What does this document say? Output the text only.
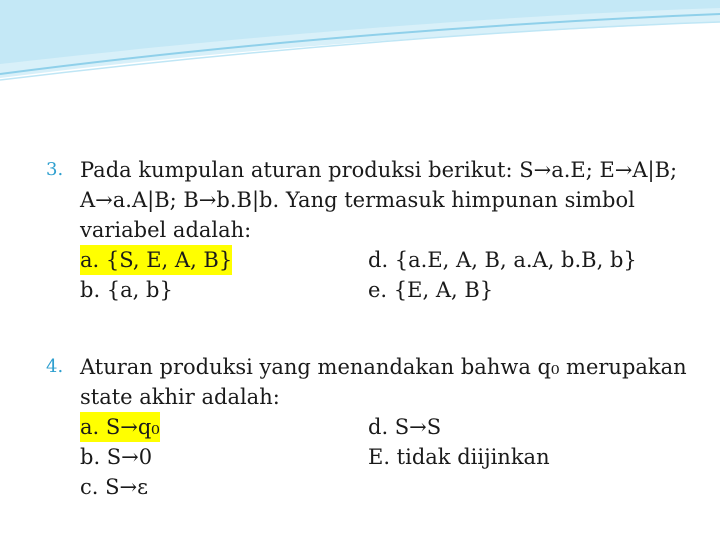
3. Pada kumpulan aturan produksi berikut: S→a.E; E→A|B;
A→a.A|B; B→b.B|b. Yang termasuk himpunan simbol
variabel adalah:
a. {S, E, A, B}	d. {a.E, A, B, a.A, b.B, b}
b. {a, b}	e. {E, A, B}
4. Aturan produksi yang menandakan bahwa q₀ merupakan
state akhir adalah:
a. S→q₀	d. S→S
b. S→0	E. tidak diijinkan
c. S→ε
